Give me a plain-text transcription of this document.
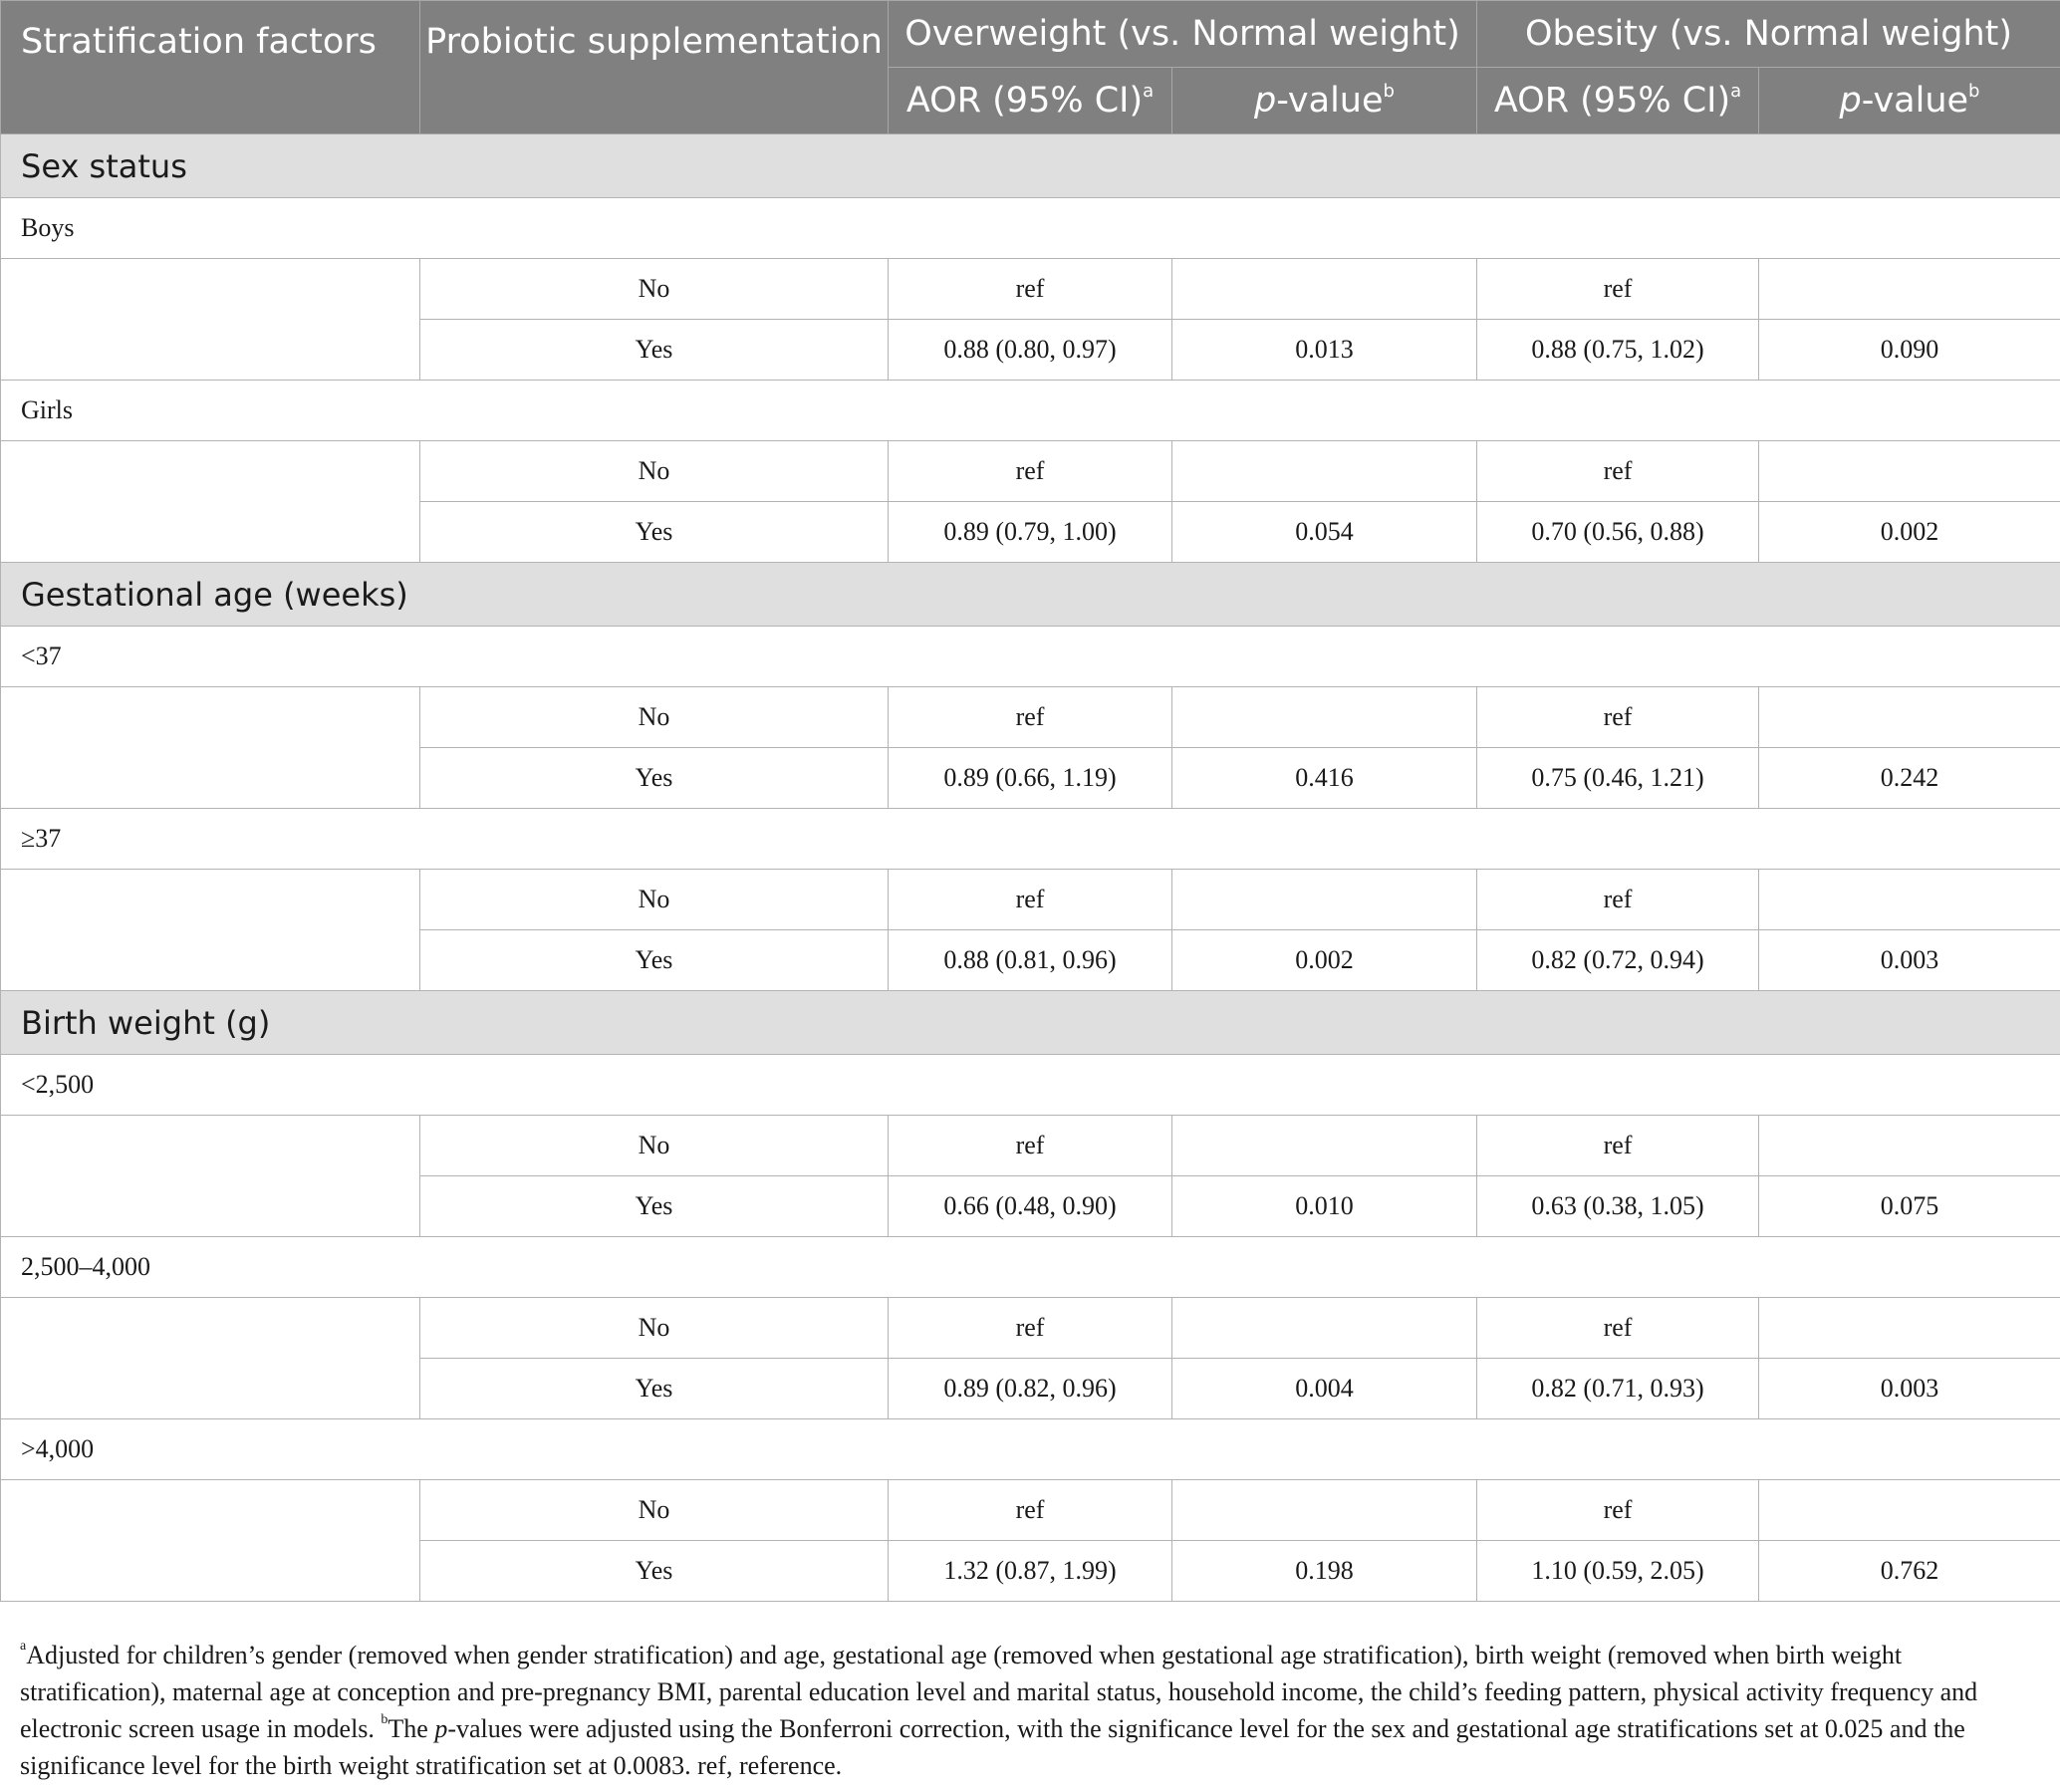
Stratification factors	Probiotic supplementation	Overweight (vs. Normal weight)		Obesity (vs. Normal weight)	
		AOR (95% CI)$^a$	p-value$^b$	AOR (95% CI)$^a$	p-value$^b$
Sex status					
Boys					
	No	ref		ref	
	Yes	0.88 (0.80, 0.97)	0.013	0.88 (0.75, 1.02)	0.090
Girls					
	No	ref		ref	
	Yes	0.89 (0.79, 1.00)	0.054	0.70 (0.56, 0.88)	0.002
Gestational age (weeks)					
<37					
	No	ref		ref	
	Yes	0.89 (0.66, 1.19)	0.416	0.75 (0.46, 1.21)	0.242
≥37					
	No	ref		ref	
	Yes	0.88 (0.81, 0.96)	0.002	0.82 (0.72, 0.94)	0.003
Birth weight (g)					
<2,500					
	No	ref		ref	
	Yes	0.66 (0.48, 0.90)	0.010	0.63 (0.38, 1.05)	0.075
2,500–4,000					
	No	ref		ref	
	Yes	0.89 (0.82, 0.96)	0.004	0.82 (0.71, 0.93)	0.003
>4,000					
	No	ref		ref	
	Yes	1.32 (0.87, 1.99)	0.198	1.10 (0.59, 2.05)	0.762
$^a$Adjusted for children’s gender (removed when gender stratification) and age, gestational age (removed when gestational age stratification), birth weight (removed when birth weight stratification), maternal age at conception and pre-pregnancy BMI, parental education level and marital status, household income, the child’s feeding pattern, physical activity frequency and electronic screen usage in models. $^b$The p-values were adjusted using the Bonferroni correction, with the significance level for the sex and gestational age stratifications set at 0.025 and the significance level for the birth weight stratification set at 0.0083. ref, reference.
